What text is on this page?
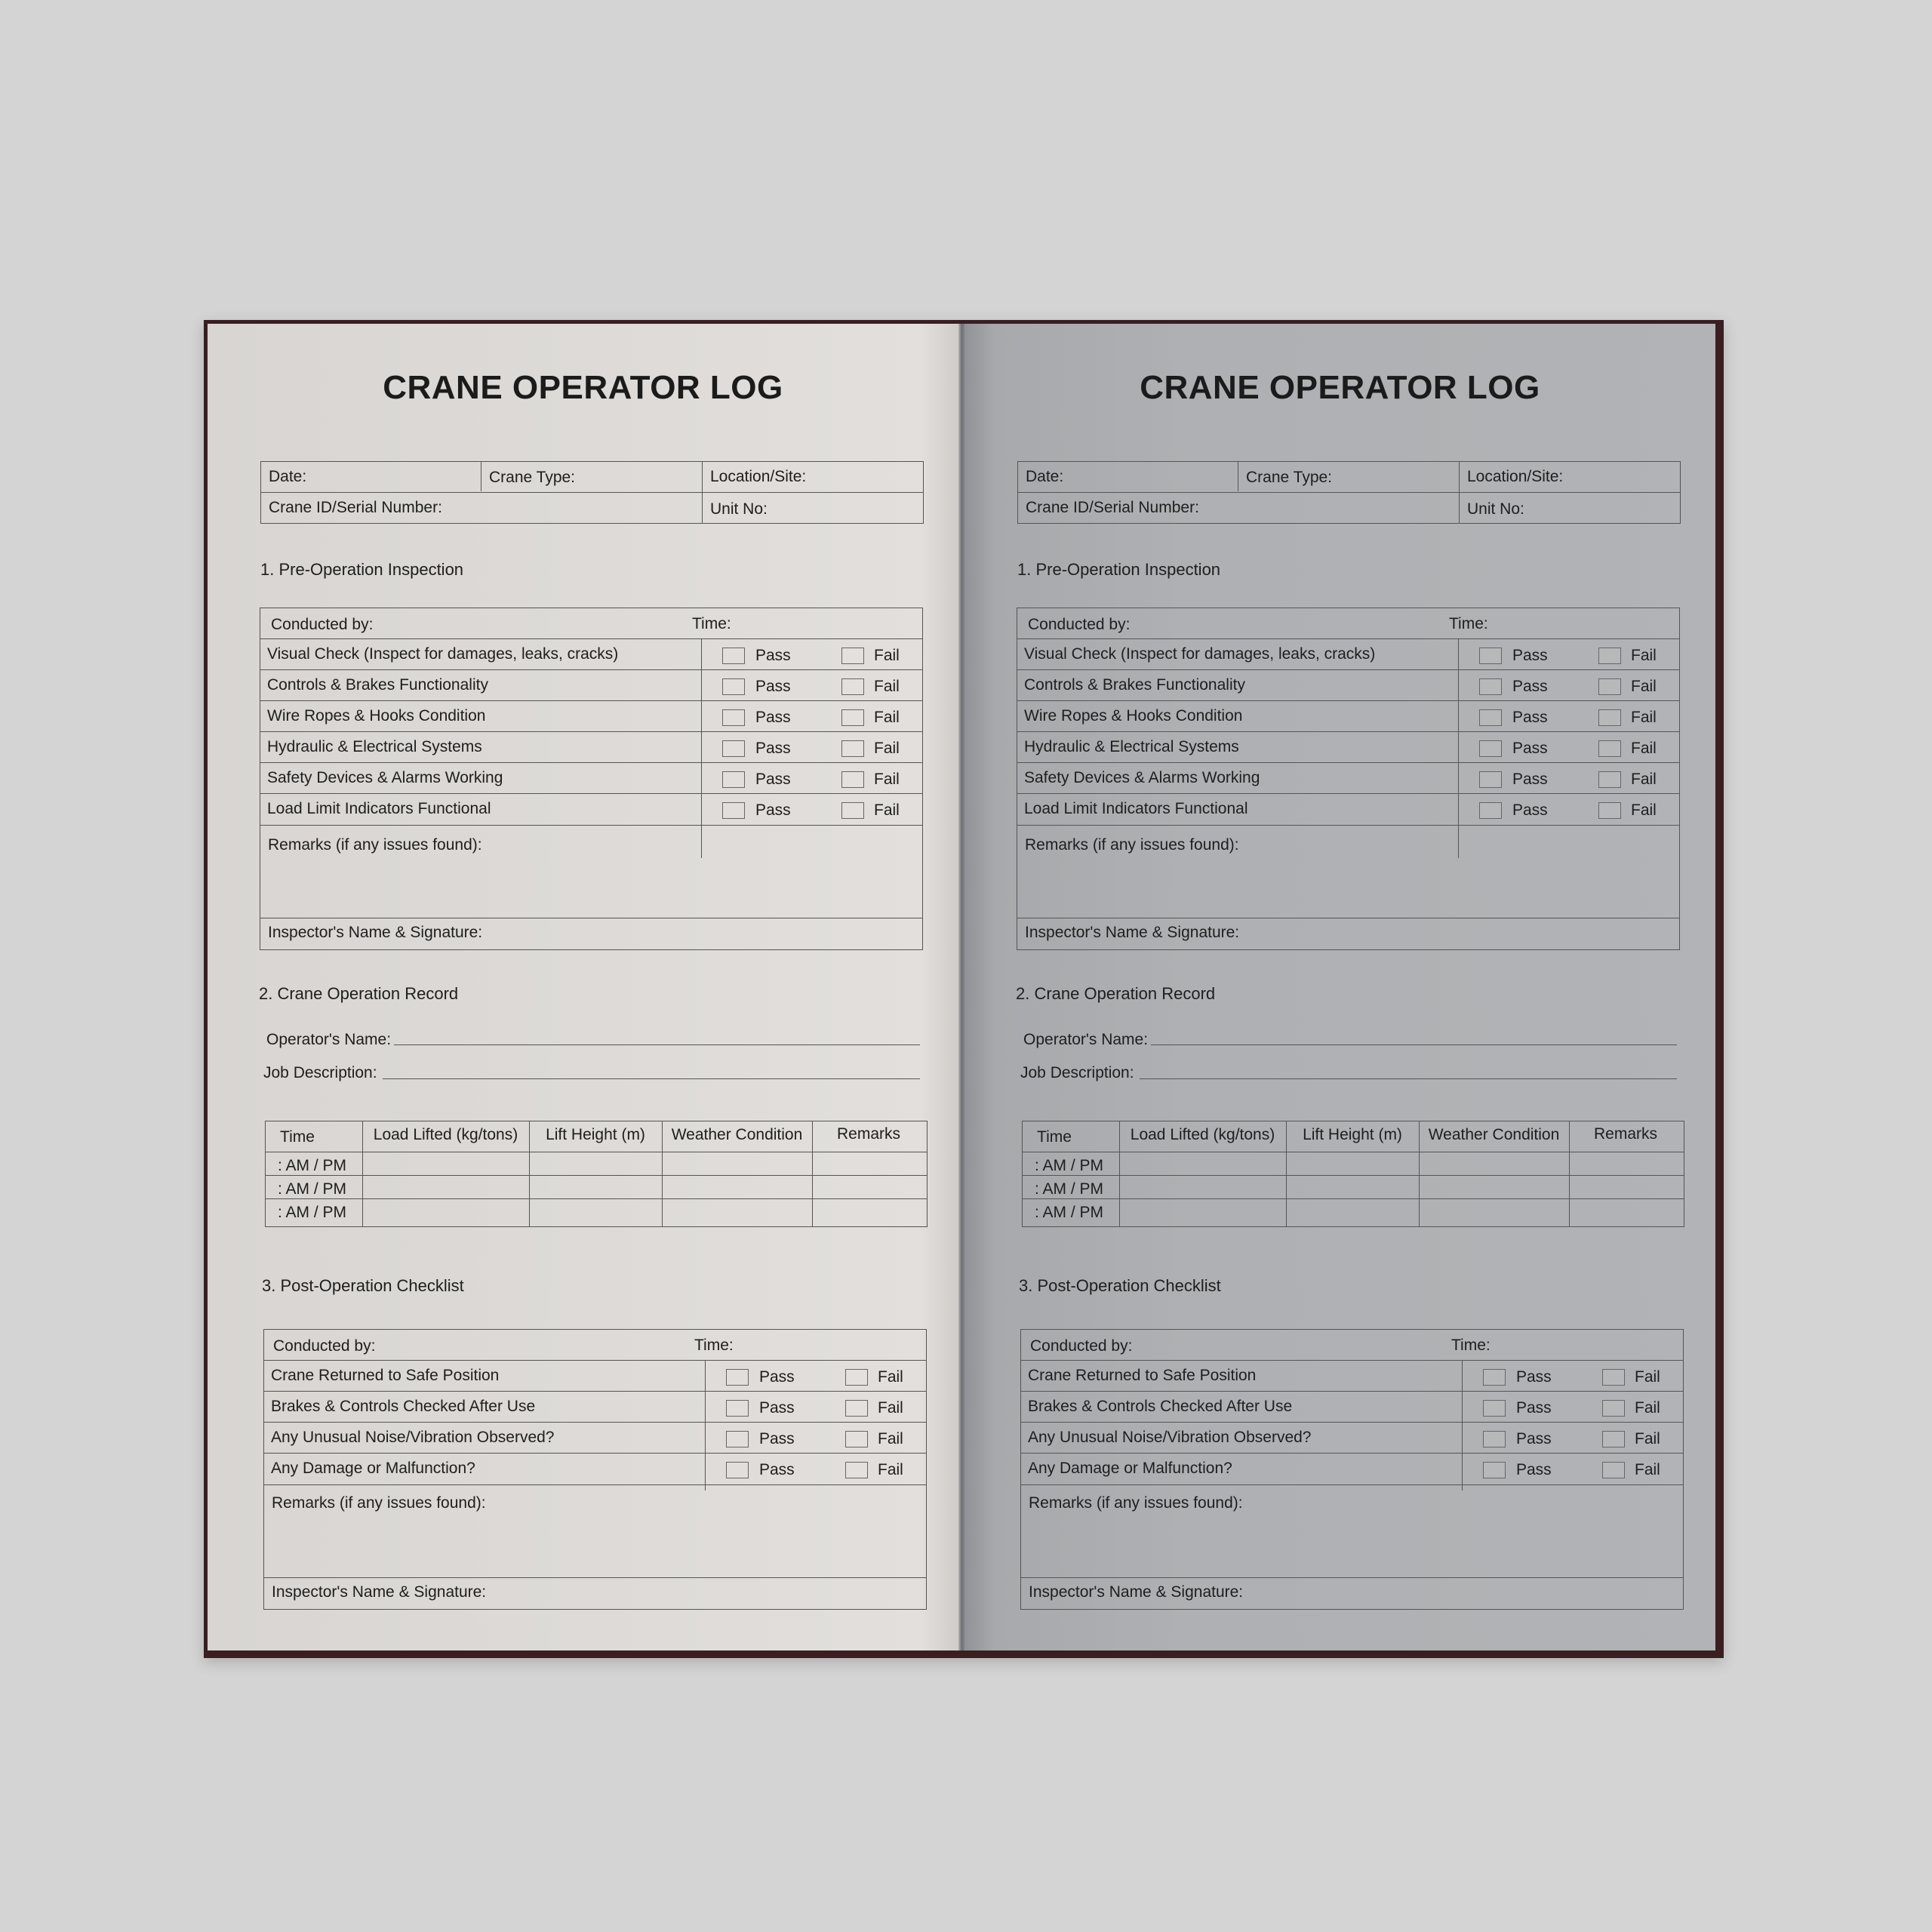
CRANE OPERATOR LOG
Date:	Crane Type:	Location/Site:
Crane ID/Serial Number:	Unit No:
1. Pre-Operation Inspection
Conducted by:	Time:
Visual Check (Inspect for damages, leaks, cracks)	Pass	Fail
Controls & Brakes Functionality	Pass	Fail
Wire Ropes & Hooks Condition	Pass	Fail
Hydraulic & Electrical Systems	Pass	Fail
Safety Devices & Alarms Working	Pass	Fail
Load Limit Indicators Functional	Pass	Fail
Remarks (if any issues found):
Inspector's Name & Signature:
2. Crane Operation Record
Operator's Name:
Job Description:
Time	Load Lifted (kg/tons)	Lift Height (m)	Weather Condition	Remarks
: AM / PM
: AM / PM
: AM / PM
3. Post-Operation Checklist
Conducted by:	Time:
Crane Returned to Safe Position	Pass	Fail
Brakes & Controls Checked After Use	Pass	Fail
Any Unusual Noise/Vibration Observed?	Pass	Fail
Any Damage or Malfunction?	Pass	Fail
Remarks (if any issues found):
Inspector's Name & Signature:
CRANE OPERATOR LOG
Date:	Crane Type:	Location/Site:
Crane ID/Serial Number:	Unit No:
1. Pre-Operation Inspection
Conducted by:	Time:
Visual Check (Inspect for damages, leaks, cracks)	Pass	Fail
Controls & Brakes Functionality	Pass	Fail
Wire Ropes & Hooks Condition	Pass	Fail
Hydraulic & Electrical Systems	Pass	Fail
Safety Devices & Alarms Working	Pass	Fail
Load Limit Indicators Functional	Pass	Fail
Remarks (if any issues found):
Inspector's Name & Signature:
2. Crane Operation Record
Operator's Name:
Job Description:
Time	Load Lifted (kg/tons)	Lift Height (m)	Weather Condition	Remarks
: AM / PM
: AM / PM
: AM / PM
3. Post-Operation Checklist
Conducted by:	Time:
Crane Returned to Safe Position	Pass	Fail
Brakes & Controls Checked After Use	Pass	Fail
Any Unusual Noise/Vibration Observed?	Pass	Fail
Any Damage or Malfunction?	Pass	Fail
Remarks (if any issues found):
Inspector's Name & Signature:
